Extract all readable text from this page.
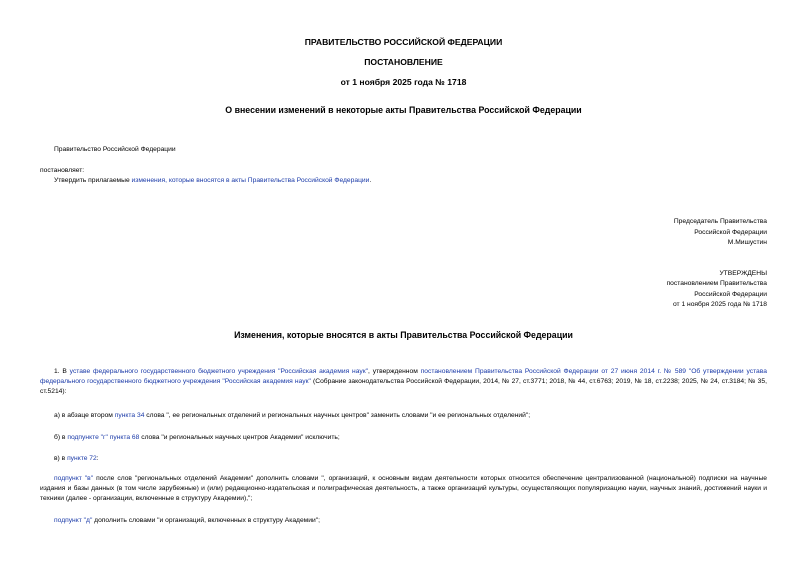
ПРАВИТЕЛЬСТВО РОССИЙСКОЙ ФЕДЕРАЦИИ
ПОСТАНОВЛЕНИЕ
от 1 ноября 2025 года № 1718
О внесении изменений в некоторые акты Правительства Российской Федерации
Правительство Российской Федерации
постановляет:
Утвердить прилагаемые изменения, которые вносятся в акты Правительства Российской Федерации.
Председатель Правительства
Российской Федерации
М.Мишустин
УТВЕРЖДЕНЫ
постановлением Правительства
Российской Федерации
от 1 ноября 2025 года № 1718
Изменения, которые вносятся в акты Правительства Российской Федерации
1. В уставе федерального государственного бюджетного учреждения "Российская академия наук", утвержденном постановлением Правительства Российской Федерации от 27 июня 2014 г. № 589 "Об утверждении устава федерального государственного бюджетного учреждения "Российская академия наук" (Собрание законодательства Российской Федерации, 2014, № 27, ст.3771; 2018, № 44, ст.6763; 2019, № 18, ст.2238; 2025, № 24, ст.3184; № 35, ст.5214):
а) в абзаце втором пункта 34 слова ", ее региональных отделений и региональных научных центров" заменить словами "и ее региональных отделений";
б) в подпункте "г" пункта 68 слова "и региональных научных центров Академии" исключить;
в) в пункте 72:
подпункт "в" после слов "региональных отделений Академии" дополнить словами ", организаций, к основным видам деятельности которых относится обеспечение централизованной (национальной) подписки на научные издания и базы данных (в том числе зарубежные) и (или) редакционно-издательская и полиграфическая деятельность, а также организаций культуры, осуществляющих популяризацию науки, научных знаний, достижений науки и техники (далее - организации, включенные в структуру Академии),";
подпункт "д" дополнить словами "и организаций, включенных в структуру Академии";
